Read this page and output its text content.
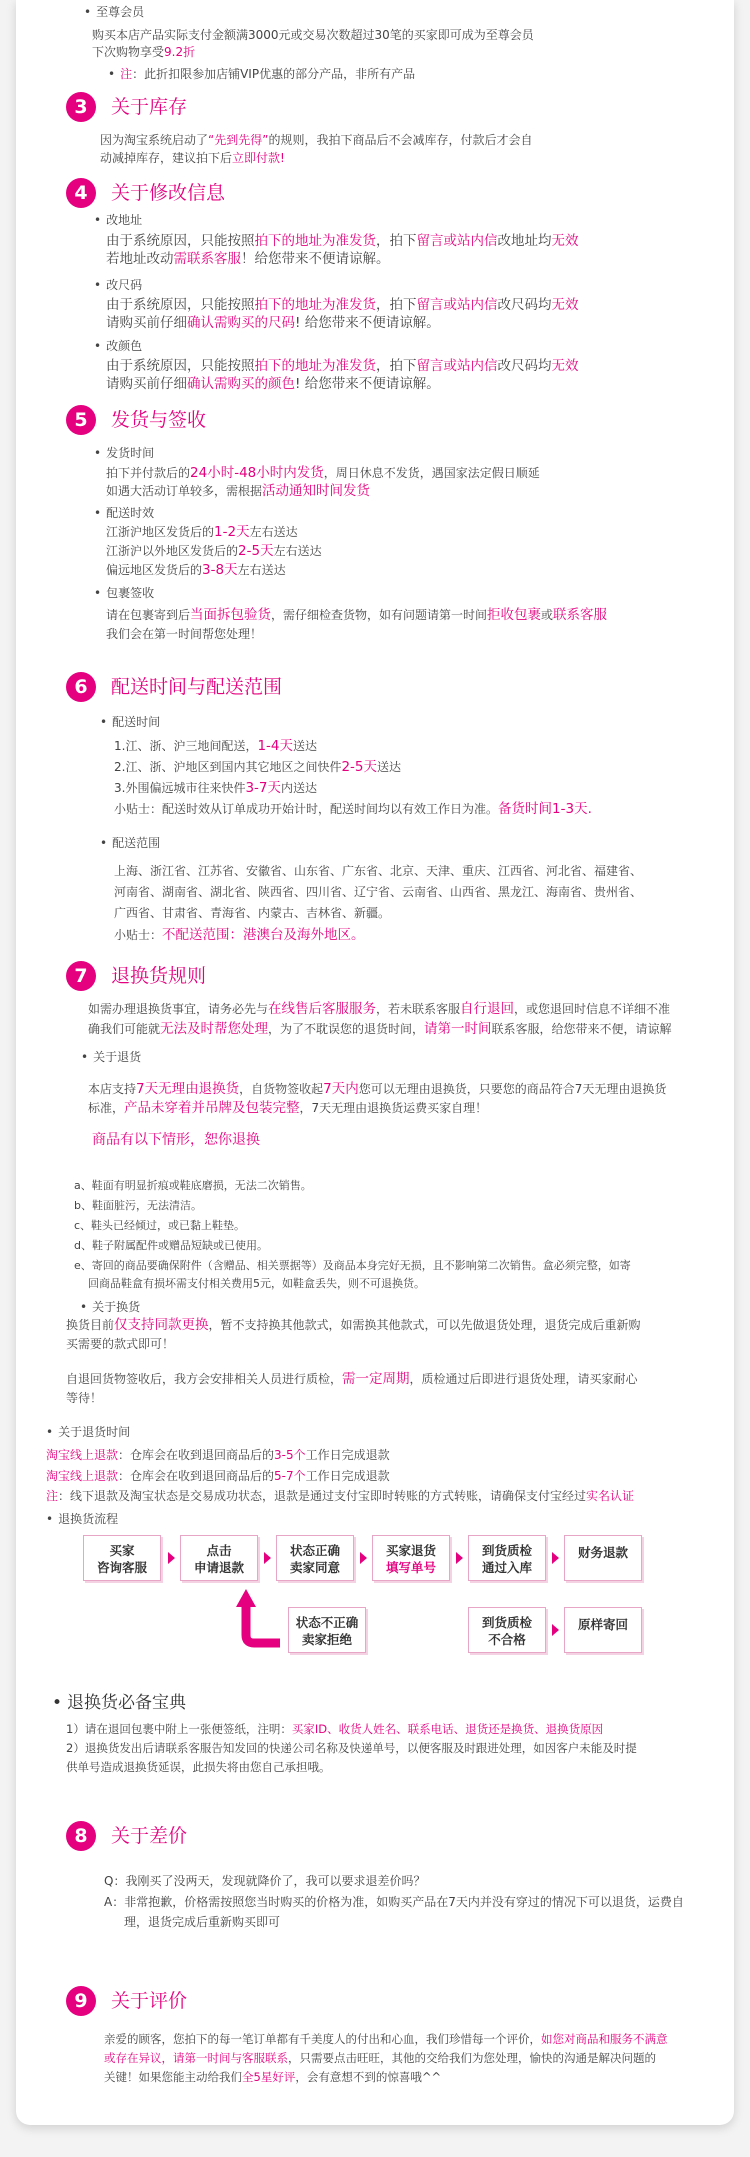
• 至尊会员
购买本店产品实际支付金额满3000元或交易次数超过30笔的买家即可成为至尊会员
下次购物享受9.2折
• 注：此折扣限参加店铺VIP优惠的部分产品，非所有产品
3	关于库存
因为淘宝系统启动了“先到先得”的规则，我拍下商品后不会减库存，付款后才会自
动减掉库存，建议拍下后立即付款!
4	关于修改信息
• 改地址
由于系统原因，只能按照拍下的地址为准发货，拍下留言或站内信改地址均无效
若地址改动需联系客服！给您带来不便请谅解。
• 改尺码
由于系统原因，只能按照拍下的地址为准发货，拍下留言或站内信改尺码均无效
请购买前仔细确认需购买的尺码! 给您带来不便请谅解。
• 改颜色
由于系统原因，只能按照拍下的地址为准发货，拍下留言或站内信改尺码均无效
请购买前仔细确认需购买的颜色! 给您带来不便请谅解。
5	发货与签收
• 发货时间
拍下并付款后的24小时-48小时内发货，周日休息不发货，遇国家法定假日顺延
如遇大活动订单较多，需根据活动通知时间发货
• 配送时效
江浙沪地区发货后的1-2天左右送达
江浙沪以外地区发货后的2-5天左右送达
偏远地区发货后的3-8天左右送达
• 包裹签收
请在包裹寄到后当面拆包验货，需仔细检查货物，如有问题请第一时间拒收包裹或联系客服
我们会在第一时间帮您处理！
6	配送时间与配送范围
• 配送时间
1.江、浙、沪三地间配送，1-4天送达
2.江、浙、沪地区到国内其它地区之间快件2-5天送达
3.外围偏远城市往来快件3-7天内送达
小贴士：配送时效从订单成功开始计时，配送时间均以有效工作日为准。备货时间1-3天.
• 配送范围
上海、浙江省、江苏省、安徽省、山东省、广东省、北京、天津、重庆、江西省、河北省、福建省、
河南省、湖南省、湖北省、陕西省、四川省、辽宁省、云南省、山西省、黑龙江、海南省、贵州省、
广西省、甘肃省、青海省、内蒙古、吉林省、新疆。
小贴士：不配送范围：港澳台及海外地区。
7	退换货规则
如需办理退换货事宜，请务必先与在线售后客服服务，若未联系客服自行退回，或您退回时信息不详细不准
确我们可能就无法及时帮您处理，为了不耽误您的退货时间，请第一时间联系客服，给您带来不便，请谅解
• 关于退货
本店支持7天无理由退换货，自货物签收起7天内您可以无理由退换货，只要您的商品符合7天无理由退换货
标准，产品未穿着并吊牌及包装完整，7天无理由退换货运费买家自理！
商品有以下情形，恕你退换
a、鞋面有明显折痕或鞋底磨损，无法二次销售。
b、鞋面脏污，无法清洁。
c、鞋头已经倾过，或已黏上鞋垫。
d、鞋子附属配件或赠品短缺或已使用。
e、寄回的商品要确保附件（含赠品、相关票据等）及商品本身完好无损，且不影响第二次销售。盒必须完整，如寄
回商品鞋盒有损坏需支付相关费用5元，如鞋盒丢失，则不可退换货。
• 关于换货
换货目前仅支持同款更换，暂不支持换其他款式，如需换其他款式，可以先做退货处理，退货完成后重新购
买需要的款式即可！
自退回货物签收后，我方会安排相关人员进行质检，需一定周期，质检通过后即进行退货处理，请买家耐心
等待！
• 关于退货时间
淘宝线上退款：仓库会在收到退回商品后的3-5个工作日完成退款
淘宝线上退款：仓库会在收到退回商品后的5-7个工作日完成退款
注：线下退款及淘宝状态是交易成功状态，退款是通过支付宝即时转账的方式转账，请确保支付宝经过实名认证
• 退换货流程
买家
咨询客服
点击
申请退款
状态正确
卖家同意
买家退货
填写单号
到货质检
通过入库
财务退款
状态不正确
卖家拒绝
到货质检
不合格
原样寄回
• 退换货必备宝典
1）请在退回包裹中附上一张便签纸，注明：买家ID、收货人姓名、联系电话、退货还是换货、退换货原因
2）退换货发出后请联系客服告知发回的快递公司名称及快递单号，以便客服及时跟进处理，如因客户未能及时提
供单号造成退换货延误，此损失将由您自己承担哦。
8	关于差价
Q：我刚买了没两天，发现就降价了，我可以要求退差价吗？
A：非常抱歉，价格需按照您当时购买的价格为准，如购买产品在7天内并没有穿过的情况下可以退货，运费自
理，退货完成后重新购买即可
9	关于评价
亲爱的顾客，您拍下的每一笔订单都有千美度人的付出和心血，我们珍惜每一个评价，如您对商品和服务不满意
或存在异议，请第一时间与客服联系，只需要点击旺旺，其他的交给我们为您处理，愉快的沟通是解决问题的
关键！如果您能主动给我们全5星好评，会有意想不到的惊喜哦^^
